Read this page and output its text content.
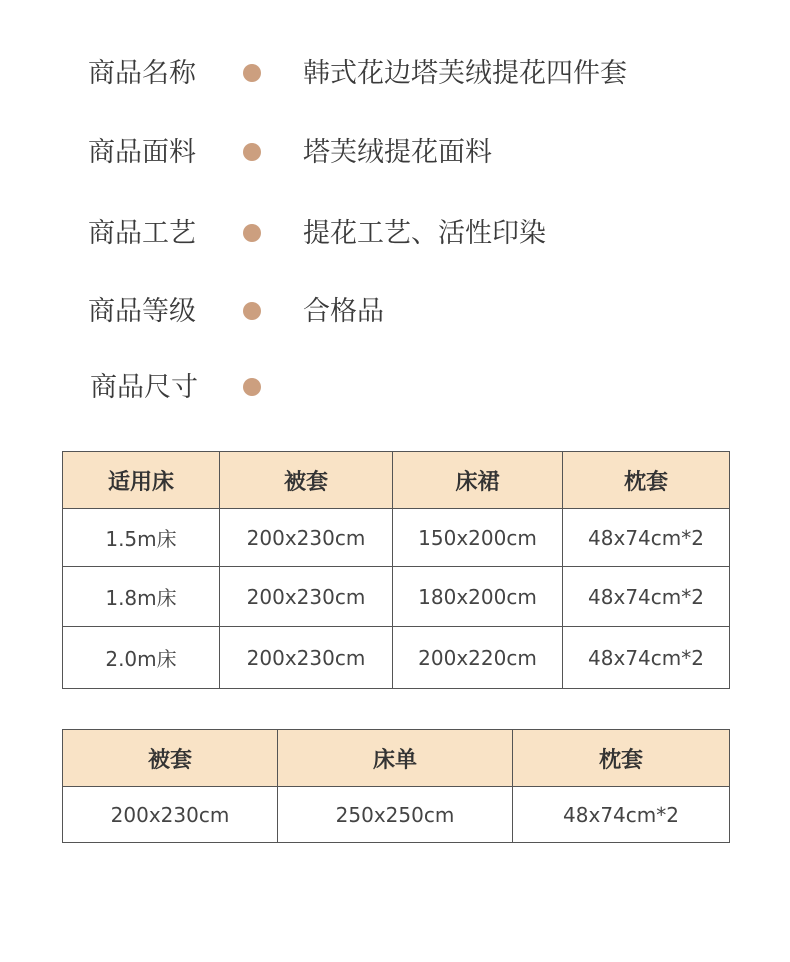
商品名称	韩式花边塔芙绒提花四件套
商品面料	塔芙绒提花面料
商品工艺	提花工艺、活性印染
商品等级	合格品
商品尺寸
适用床	被套	床裙	枕套
1.5m床	200x230cm	150x200cm	48x74cm*2
1.8m床	200x230cm	180x200cm	48x74cm*2
2.0m床	200x230cm	200x220cm	48x74cm*2
被套	床单	枕套
200x230cm	250x250cm	48x74cm*2
